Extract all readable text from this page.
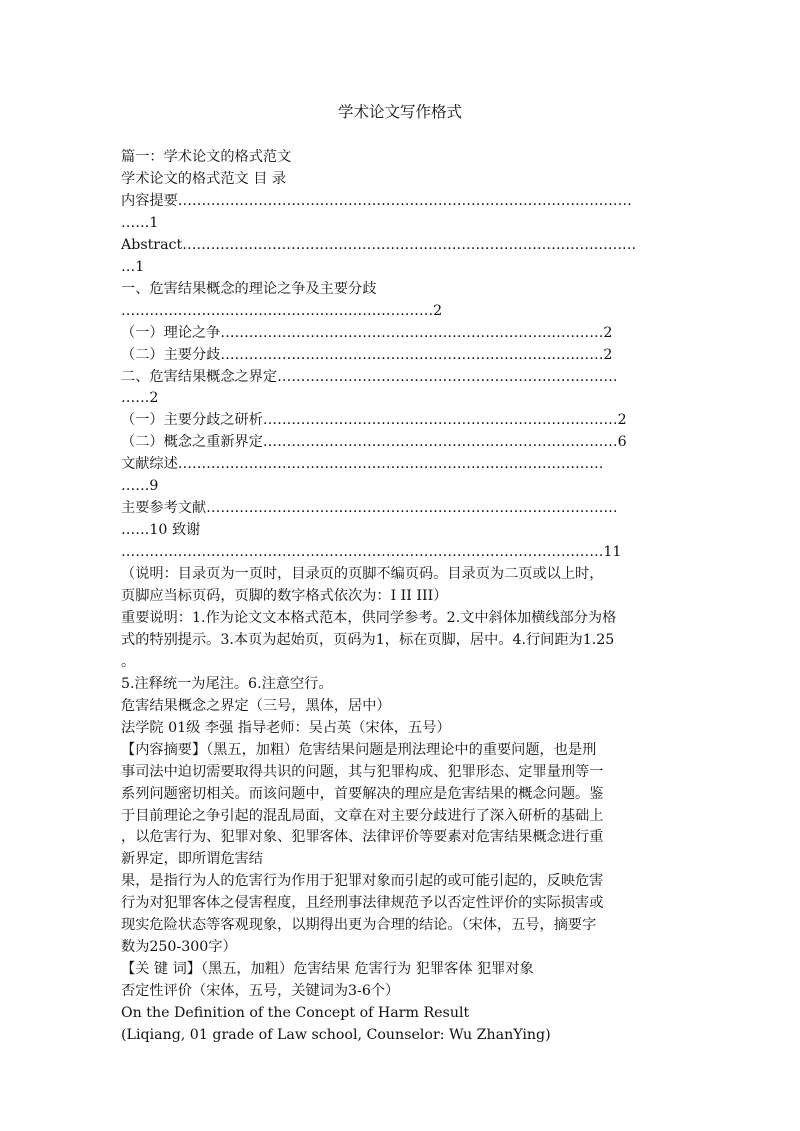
学术论文写作格式
篇一：学术论文的格式范文
学术论文的格式范文 目 录
内容提要……………………………………………………………………………………
……1
Abstract……………………………………………………………………………………
…1
一、危害结果概念的理论之争及主要分歧
…………………………………………………………2
（一）理论之争………………………………………………………………………2
（二）主要分歧………………………………………………………………………2
二、危害结果概念之界定………………………………………………………………
……2
（一）主要分歧之研析…………………………………………………………………2
（二）概念之重新界定…………………………………………………………………6
文献综述………………………………………………………………………………
……9
主要参考文献……………………………………………………………………………
……10 致谢
…………………………………………………………………………………………11
（说明：目录页为一页时，目录页的页脚不编页码。目录页为二页或以上时，
页脚应当标页码，页脚的数字格式依次为：I II III）
重要说明：1.作为论文文本格式范本，供同学参考。2.文中斜体加横线部分为格
式的特别提示。3.本页为起始页，页码为1，标在页脚，居中。4.行间距为1.25
。
5.注释统一为尾注。6.注意空行。
危害结果概念之界定（三号，黑体，居中）
法学院 01级 李强 指导老师：吴占英（宋体，五号）
【内容摘要】（黑五，加粗）危害结果问题是刑法理论中的重要问题，也是刑
事司法中迫切需要取得共识的问题，其与犯罪构成、犯罪形态、定罪量刑等一
系列问题密切相关。而该问题中，首要解决的理应是危害结果的概念问题。鉴
于目前理论之争引起的混乱局面，文章在对主要分歧进行了深入研析的基础上
，以危害行为、犯罪对象、犯罪客体、法律评价等要素对危害结果概念进行重
新界定，即所谓危害结
果，是指行为人的危害行为作用于犯罪对象而引起的或可能引起的，反映危害
行为对犯罪客体之侵害程度，且经刑事法律规范予以否定性评价的实际损害或
现实危险状态等客观现象，以期得出更为合理的结论。（宋体，五号，摘要字
数为250-300字）
【关 键 词】（黑五，加粗）危害结果 危害行为 犯罪客体 犯罪对象
否定性评价（宋体，五号，关键词为3-6个）
On the Definition of the Concept of Harm Result
(Liqiang, 01 grade of Law school, Counselor: Wu ZhanYing)
